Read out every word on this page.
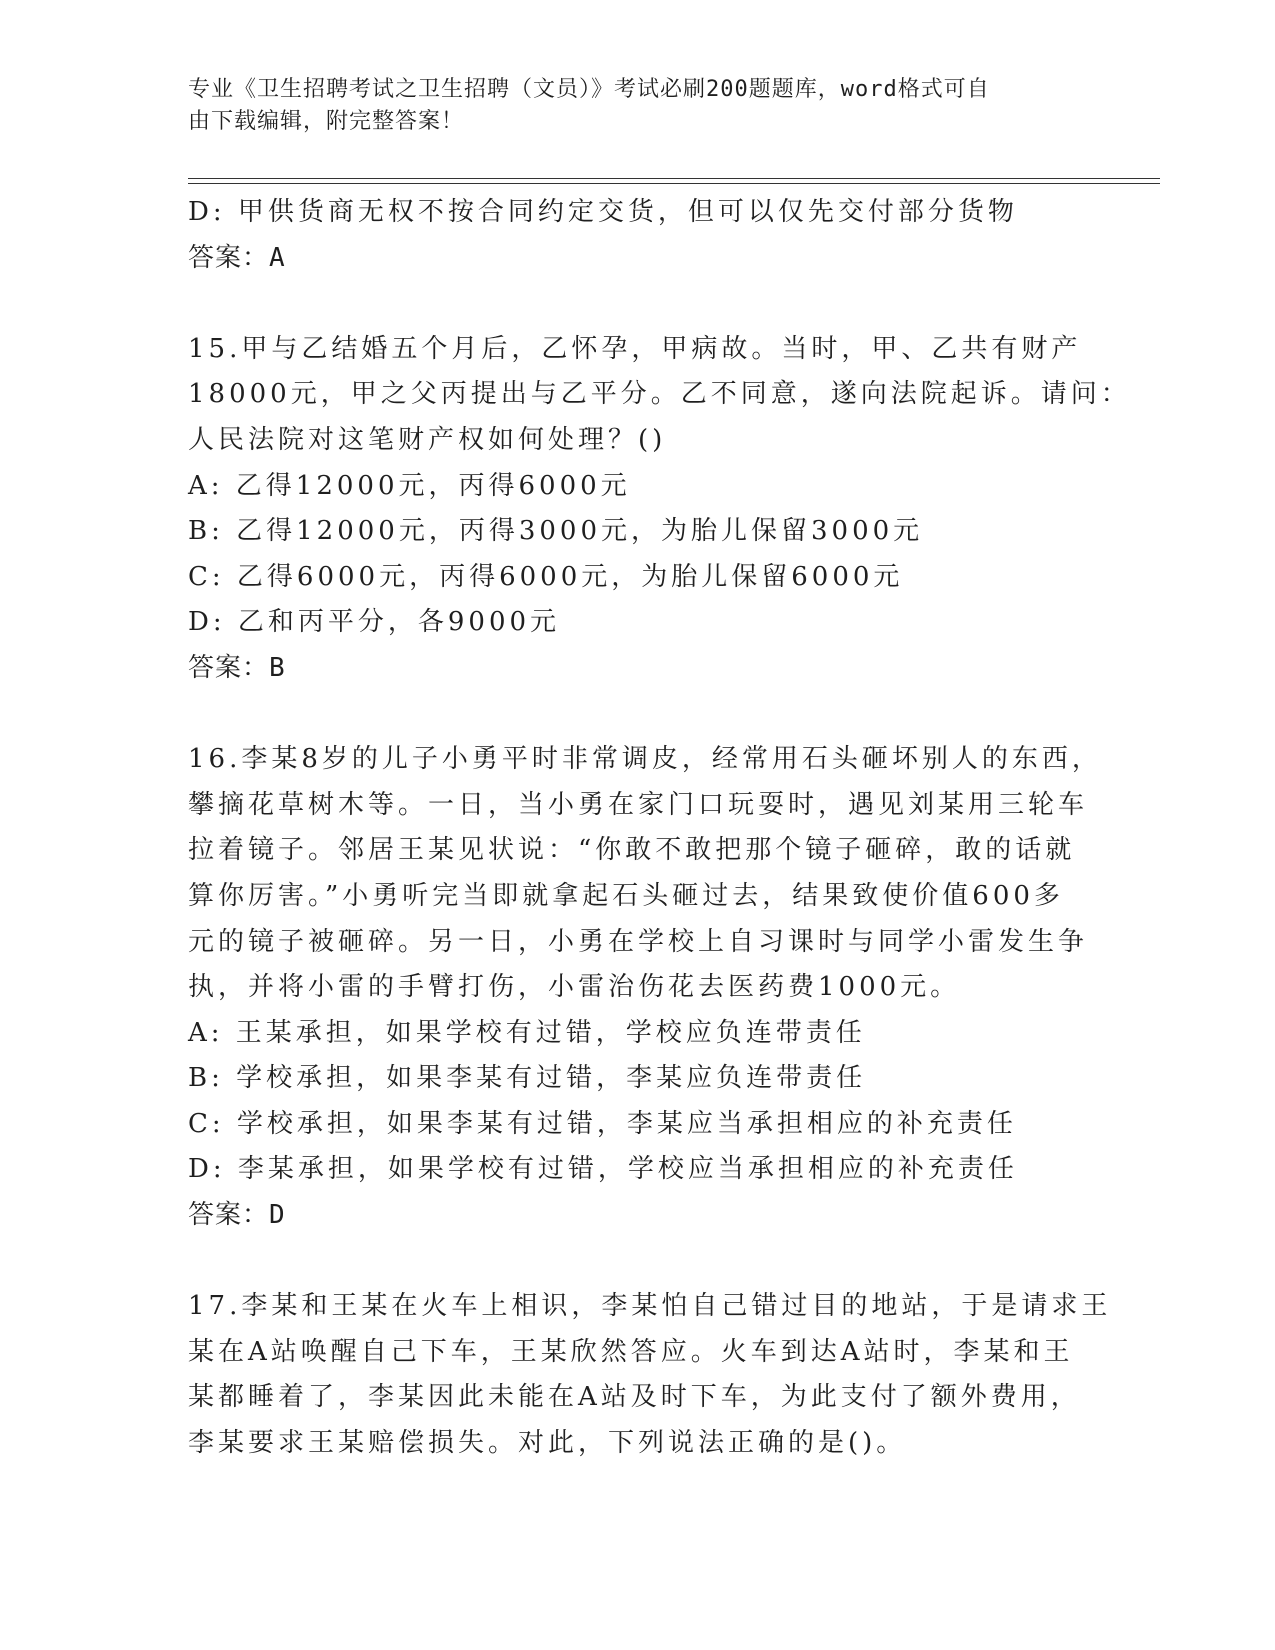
专业《卫生招聘考试之卫生招聘（文员）》考试必刷200题题库，word格式可自
由下载编辑，附完整答案！
D: 甲供货商无权不按合同约定交货，但可以仅先交付部分货物
答案：A
15.甲与乙结婚五个月后，乙怀孕，甲病故。当时，甲、乙共有财产
18000元，甲之父丙提出与乙平分。乙不同意，遂向法院起诉。请问：
人民法院对这笔财产权如何处理？()
A: 乙得12000元，丙得6000元
B: 乙得12000元，丙得3000元，为胎儿保留3000元
C: 乙得6000元，丙得6000元，为胎儿保留6000元
D: 乙和丙平分，各9000元
答案：B
16.李某8岁的儿子小勇平时非常调皮，经常用石头砸坏别人的东西，
攀摘花草树木等。一日，当小勇在家门口玩耍时，遇见刘某用三轮车
拉着镜子。邻居王某见状说：“你敢不敢把那个镜子砸碎，敢的话就
算你厉害。”小勇听完当即就拿起石头砸过去，结果致使价值600多
元的镜子被砸碎。另一日，小勇在学校上自习课时与同学小雷发生争
执，并将小雷的手臂打伤，小雷治伤花去医药费1000元。
A: 王某承担，如果学校有过错，学校应负连带责任
B: 学校承担，如果李某有过错，李某应负连带责任
C: 学校承担，如果李某有过错，李某应当承担相应的补充责任
D: 李某承担，如果学校有过错，学校应当承担相应的补充责任
答案：D
17.李某和王某在火车上相识，李某怕自己错过目的地站，于是请求王
某在A站唤醒自己下车，王某欣然答应。火车到达A站时，李某和王
某都睡着了，李某因此未能在A站及时下车，为此支付了额外费用，
李某要求王某赔偿损失。对此，下列说法正确的是()。
